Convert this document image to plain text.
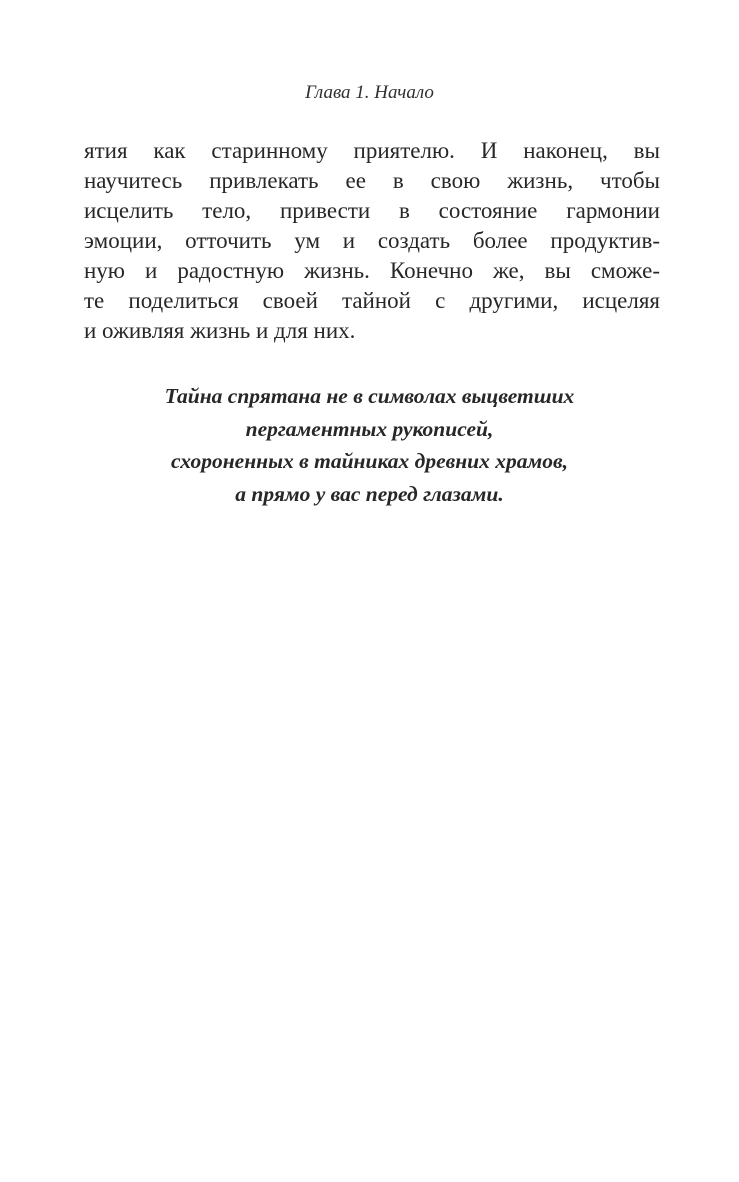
Глава 1. Начало
ятия как старинному приятелю. И наконец, вы
научитесь привлекать ее в свою жизнь, чтобы
исцелить тело, привести в состояние гармонии
эмоции, отточить ум и создать более продуктив-
ную и радостную жизнь. Конечно же, вы сможе-
те поделиться своей тайной с другими, исцеляя
и оживляя жизнь и для них.
Тайна спрятана не в символах выцветших
пергаментных рукописей,
схороненных в тайниках древних храмов,
а прямо у вас перед глазами.
